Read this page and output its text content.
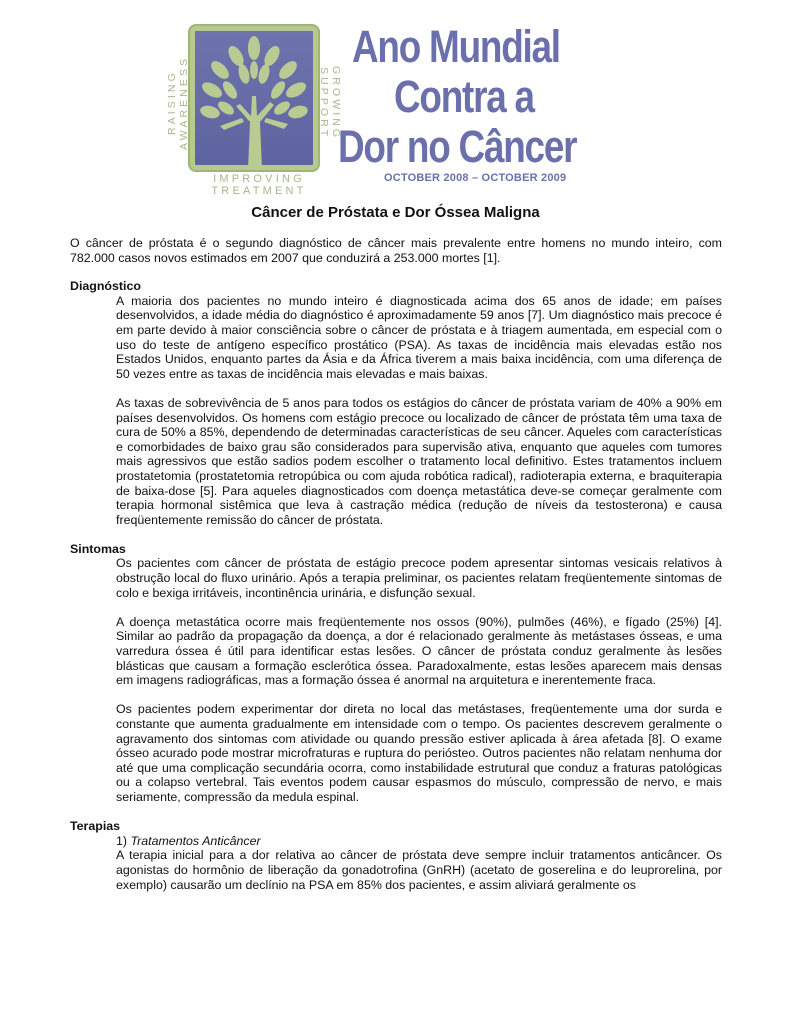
RAISING AWARENESS	GROWING SUPPORT
IMPROVING TREATMENT
Ano Mundial
Contra a
Dor no Câncer
OCTOBER 2008 – OCTOBER 2009
Câncer de Próstata e Dor Óssea Maligna

O câncer de próstata é o segundo diagnóstico de câncer mais prevalente entre homens no mundo inteiro, com 782.000 casos novos estimados em 2007 que conduzirá a 253.000 mortes [1].

Diagnóstico

A maioria dos pacientes no mundo inteiro é diagnosticada acima dos 65 anos de idade; em países desenvolvidos, a idade média do diagnóstico é aproximadamente 59 anos [7]. Um diagnóstico mais precoce é em parte devido à maior consciência sobre o câncer de próstata e à triagem aumentada, em especial com o uso do teste de antígeno específico prostático (PSA). As taxas de incidência mais elevadas estão nos Estados Unidos, enquanto partes da Ásia e da África tiverem a mais baixa incidência, com uma diferença de 50 vezes entre as taxas de incidência mais elevadas e mais baixas.

As taxas de sobrevivência de 5 anos para todos os estágios do câncer de próstata variam de 40% a 90% em países desenvolvidos. Os homens com estágio precoce ou localizado de câncer de próstata têm uma taxa de cura de 50% a 85%, dependendo de determinadas características de seu câncer. Aqueles com características e comorbidades de baixo grau são considerados para supervisão ativa, enquanto que aqueles com tumores mais agressivos que estão sadios podem escolher o tratamento local definitivo. Estes tratamentos incluem prostatetomia (prostatetomia retropúbica ou com ajuda robótica radical), radioterapia externa, e braquiterapia de baixa-dose [5]. Para aqueles diagnosticados com doença metastática deve-se começar geralmente com terapia hormonal sistêmica que leva à castração médica (redução de níveis da testosterona) e causa freqüentemente remissão do câncer de próstata.

Sintomas

Os pacientes com câncer de próstata de estágio precoce podem apresentar sintomas vesicais relativos à obstrução local do fluxo urinário. Após a terapia preliminar, os pacientes relatam freqüentemente sintomas de colo e bexiga irritáveis, incontinência urinária, e disfunção sexual.

A doença metastática ocorre mais freqüentemente nos ossos (90%), pulmões (46%), e fígado (25%) [4]. Similar ao padrão da propagação da doença, a dor é relacionado geralmente às metástases ósseas, e uma varredura óssea é útil para identificar estas lesões. O câncer de próstata conduz geralmente às lesões blásticas que causam a formação esclerótica óssea. Paradoxalmente, estas lesões aparecem mais densas em imagens radiográficas, mas a formação óssea é anormal na arquitetura e inerentemente fraca.

Os pacientes podem experimentar dor direta no local das metástases, freqüentemente uma dor surda e constante que aumenta gradualmente em intensidade com o tempo. Os pacientes descrevem geralmente o agravamento dos sintomas com atividade ou quando pressão estiver aplicada à área afetada [8]. O exame ósseo acurado pode mostrar microfraturas e ruptura do periósteo. Outros pacientes não relatam nenhuma dor até que uma complicação secundária ocorra, como instabilidade estrutural que conduz a fraturas patológicas ou a colapso vertebral. Tais eventos podem causar espasmos do músculo, compressão de nervo, e mais seriamente, compressão da medula espinal.

Terapias

1) Tratamentos Anticâncer

A terapia inicial para a dor relativa ao câncer de próstata deve sempre incluir tratamentos anticâncer. Os agonistas do hormônio de liberação da gonadotrofina (GnRH) (acetato de goserelina e do leuprorelina, por exemplo) causarão um declínio na PSA em 85% dos pacientes, e assim aliviará geralmente os
